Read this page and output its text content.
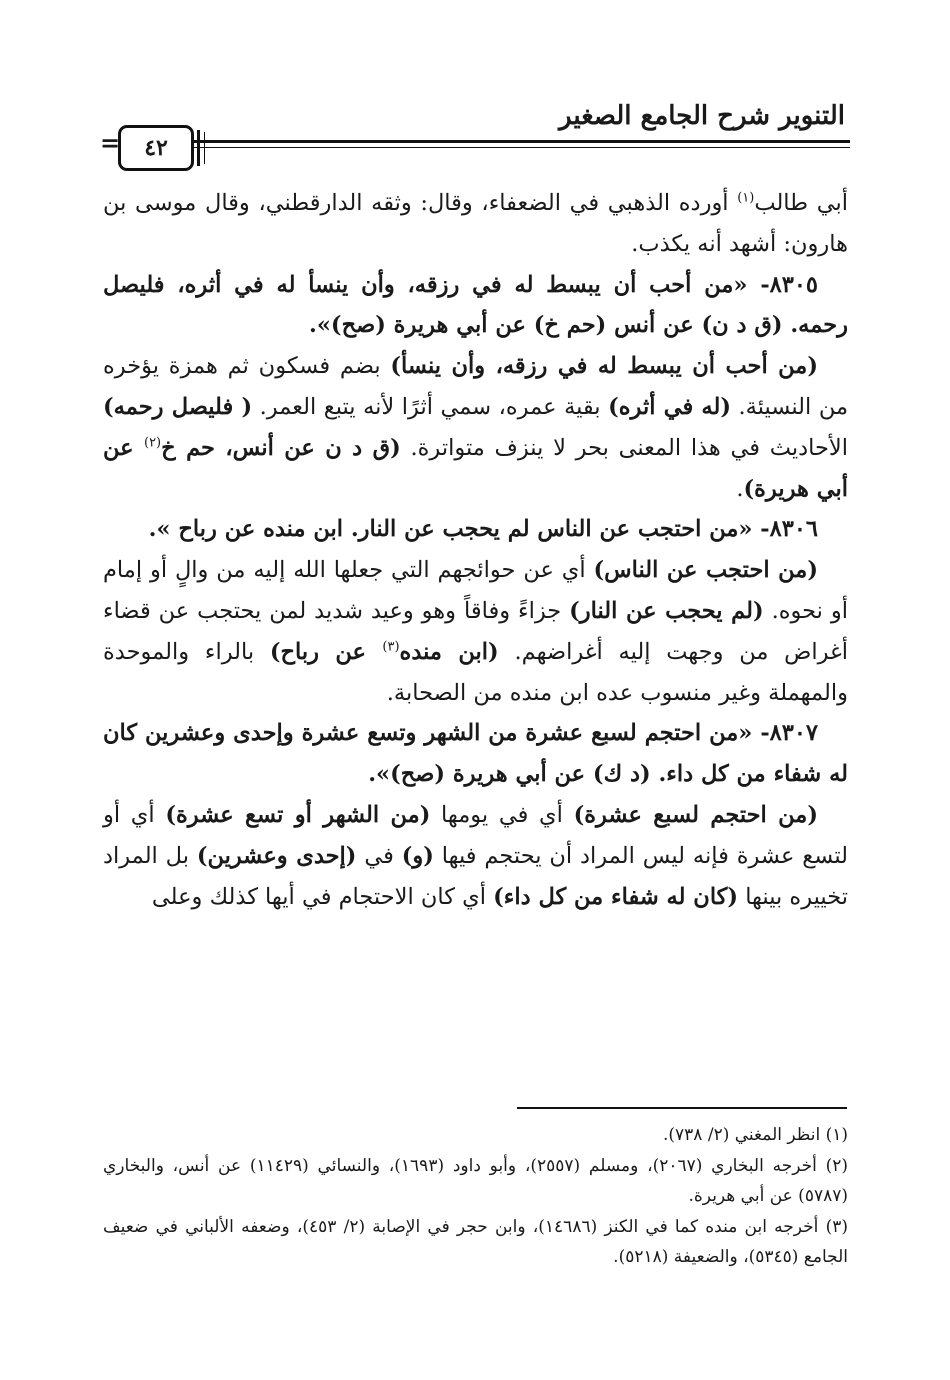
التنوير شرح الجامع الصغير
٤٢
=

أبي طالب$^{(١)}$ أورده الذهبي في الضعفاء، وقال: وثقه الدارقطني، وقال موسى بن هارون: أشهد أنه يكذب.

٨٣٠٥- «من أحب أن يبسط له في رزقه، وأن ينسأ له في أثره، فليصل رحمه. (ق د ن) عن أنس (حم خ) عن أبي هريرة (صح)».

(من أحب أن يبسط له في رزقه، وأن ينسأ) بضم فسكون ثم همزة يؤخره من النسيئة. (له في أثره) بقية عمره، سمي أثرًا لأنه يتبع العمر. ( فليصل رحمه) الأحاديث في هذا المعنى بحر لا ينزف متواترة. (ق د ن عن أنس، حم خ$^{(٢)}$ عن أبي هريرة).

٨٣٠٦- «من احتجب عن الناس لم يحجب عن النار. ابن منده عن رباح ».

(من احتجب عن الناس) أي عن حوائجهم التي جعلها الله إليه من والٍ أو إمام أو نحوه. (لم يحجب عن النار) جزاءً وفاقاً وهو وعيد شديد لمن يحتجب عن قضاء أغراض من وجهت إليه أغراضهم. (ابن منده$^{(٣)}$ عن رباح) بالراء والموحدة والمهملة وغير منسوب عده ابن منده من الصحابة.

٨٣٠٧- «من احتجم لسبع عشرة من الشهر وتسع عشرة وإحدى وعشرين كان له شفاء من كل داء. (د ك) عن أبي هريرة (صح)».

(من احتجم لسبع عشرة) أي في يومها (من الشهر أو تسع عشرة) أي أو لتسع عشرة فإنه ليس المراد أن يحتجم فيها (و) في (إحدى وعشرين) بل المراد تخييره بينها (كان له شفاء من كل داء) أي كان الاحتجام في أيها كذلك وعلى

(١) انظر المغني (٢/ ٧٣٨).

(٢) أخرجه البخاري (٢٠٦٧)، ومسلم (٢٥٥٧)، وأبو داود (١٦٩٣)، والنسائي (١١٤٢٩) عن أنس، والبخاري (٥٧٨٧) عن أبي هريرة.

(٣) أخرجه ابن منده كما في الكنز (١٤٦٨٦)، وابن حجر في الإصابة (٢/ ٤٥٣)، وضعفه الألباني في ضعيف الجامع (٥٣٤٥)، والضعيفة (٥٢١٨).
